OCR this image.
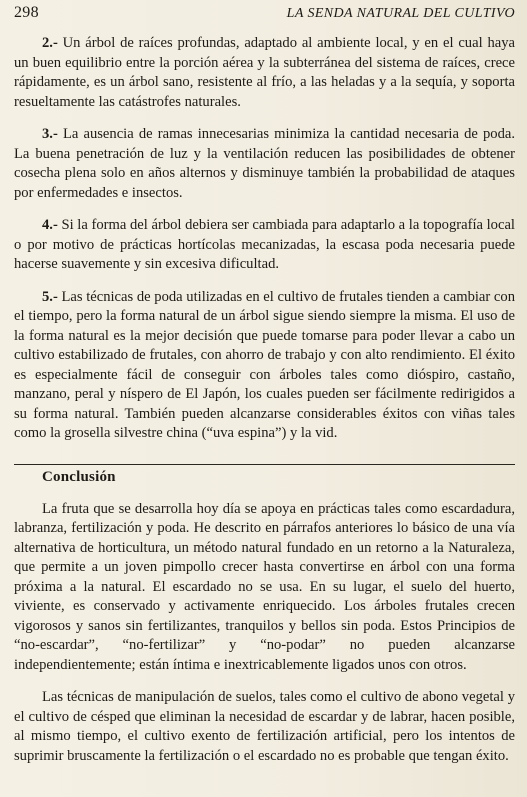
298	LA SENDA NATURAL DEL CULTIVO

2.- Un árbol de raíces profundas, adaptado al ambiente local, y en el cual haya un buen equilibrio entre la porción aérea y la subterránea del sistema de raíces, crece rápidamente, es un árbol sano, resistente al frío, a las heladas y a la sequía, y soporta resueltamente las catástrofes naturales.

3.- La ausencia de ramas innecesarias minimiza la cantidad necesaria de poda. La buena penetración de luz y la ventilación reducen las posibilidades de obtener cosecha plena solo en años alternos y disminuye también la probabilidad de ataques por enfermedades e insectos.

4.- Si la forma del árbol debiera ser cambiada para adaptarlo a la topografía local o por motivo de prácticas hortícolas mecanizadas, la escasa poda necesaria puede hacerse suavemente y sin excesiva dificultad.

5.- Las técnicas de poda utilizadas en el cultivo de frutales tienden a cambiar con el tiempo, pero la forma natural de un árbol sigue siendo siempre la misma. El uso de la forma natural es la mejor decisión que puede tomarse para poder llevar a cabo un cultivo estabilizado de frutales, con ahorro de trabajo y con alto rendimiento. El éxito es especialmente fácil de conseguir con árboles tales como dióspiro, castaño, manzano, peral y níspero de El Japón, los cuales pueden ser fácilmente redirigidos a su forma natural. También pueden alcanzarse considerables éxitos con viñas tales como la grosella silvestre china (“uva espina”) y la vid.

Conclusión

La fruta que se desarrolla hoy día se apoya en prácticas tales como escardadura, labranza, fertilización y poda. He descrito en párrafos anteriores lo básico de una vía alternativa de horticultura, un método natural fundado en un retorno a la Naturaleza, que permite a un joven pimpollo crecer hasta convertirse en árbol con una forma próxima a la natural. El escardado no se usa. En su lugar, el suelo del huerto, viviente, es conservado y activamente enriquecido. Los árboles frutales crecen vigorosos y sanos sin fertilizantes, tranquilos y bellos sin poda. Estos Principios de “no-escardar”, “no-fertilizar” y “no-podar” no pueden alcanzarse independientemente; están íntima e inextricablemente ligados unos con otros.

Las técnicas de manipulación de suelos, tales como el cultivo de abono vegetal y el cultivo de césped que eliminan la necesidad de escardar y de labrar, hacen posible, al mismo tiempo, el cultivo exento de fertilización artificial, pero los intentos de suprimir bruscamente la fertilización o el escardado no es probable que tengan éxito.
